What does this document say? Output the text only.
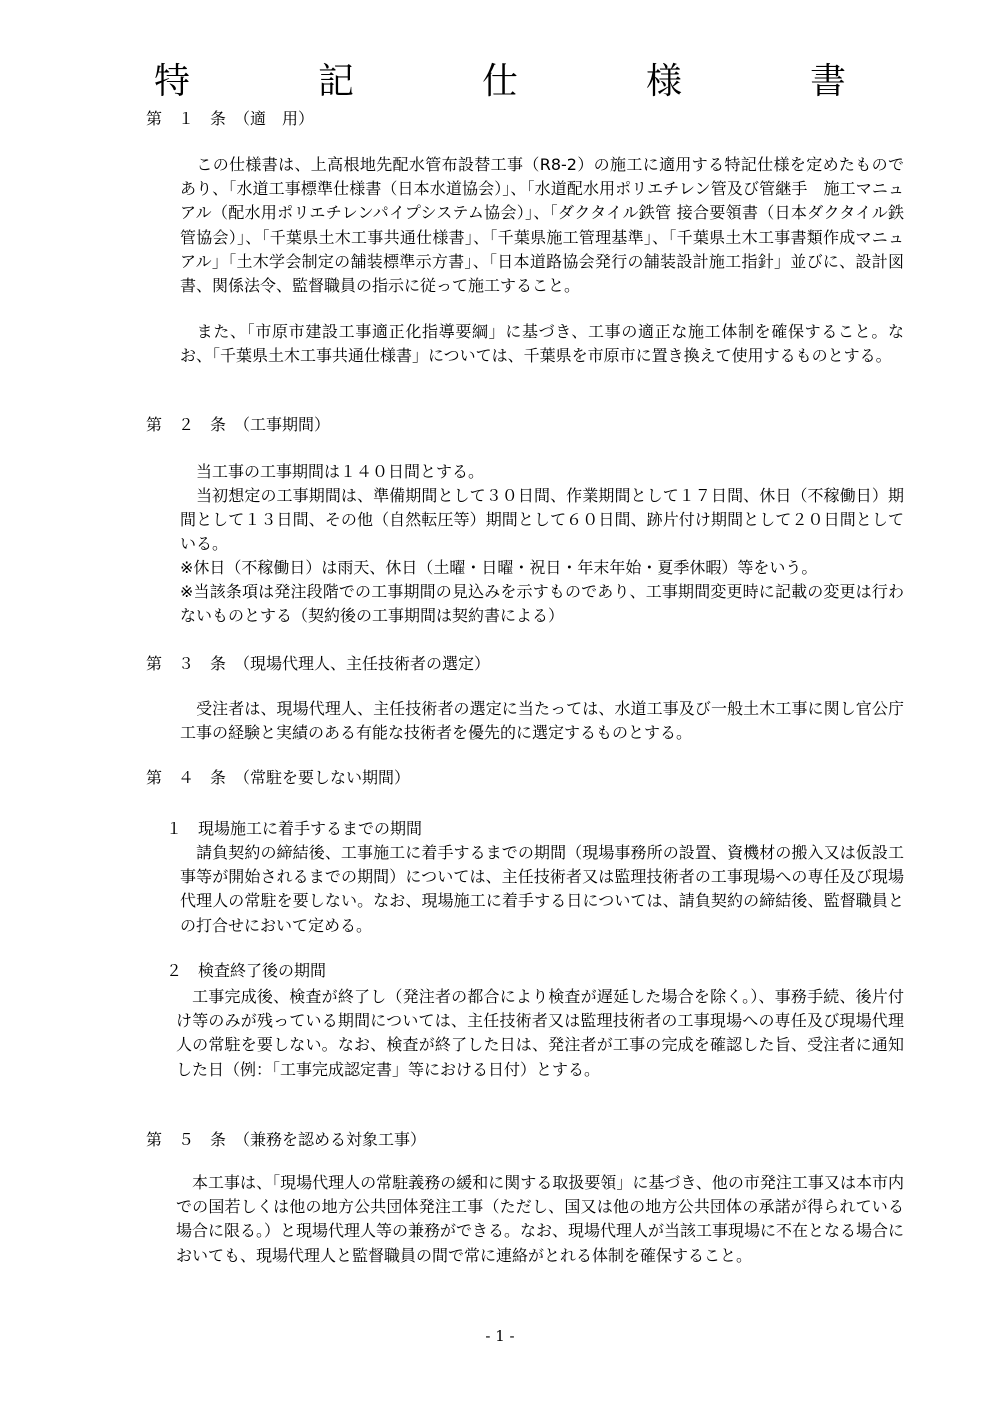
特　記　仕　様　書
第　１　条　（適　用）

　この仕様書は、上高根地先配水管布設替工事（R8-2）の施工に適用する特記仕様を定めたものであり、「水道工事標準仕様書（日本水道協会）」、「水道配水用ポリエチレン管及び管継手　施工マニュアル（配水用ポリエチレンパイプシステム協会）」、「ダクタイル鉄管 接合要領書（日本ダクタイル鉄管協会）」、「千葉県土木工事共通仕様書」、「千葉県施工管理基準」、「千葉県土木工事書類作成マニュアル」「土木学会制定の舗装標準示方書」、「日本道路協会発行の舗装設計施工指針」並びに、設計図書、関係法令、監督職員の指示に従って施工すること。

　また、「市原市建設工事適正化指導要綱」に基づき、工事の適正な施工体制を確保すること。なお、「千葉県土木工事共通仕様書」については、千葉県を市原市に置き換えて使用するものとする。

第　２　条　（工事期間）

　当工事の工事期間は１４０日間とする。

　当初想定の工事期間は、準備期間として３０日間、作業期間として１７日間、休日（不稼働日）期間として１３日間、その他（自然転圧等）期間として６０日間、跡片付け期間として２０日間としている。

※休日（不稼働日）は雨天、休日（土曜・日曜・祝日・年末年始・夏季休暇）等をいう。

※当該条項は発注段階での工事期間の見込みを示すものであり、工事期間変更時に記載の変更は行わないものとする（契約後の工事期間は契約書による）

第　３　条　（現場代理人、主任技術者の選定）

　受注者は、現場代理人、主任技術者の選定に当たっては、水道工事及び一般土木工事に関し官公庁工事の経験と実績のある有能な技術者を優先的に選定するものとする。

第　４　条　（常駐を要しない期間）
１　現場施工に着手するまでの期間

　請負契約の締結後、工事施工に着手するまでの期間（現場事務所の設置、資機材の搬入又は仮設工事等が開始されるまでの期間）については、主任技術者又は監理技術者の工事現場への専任及び現場代理人の常駐を要しない。なお、現場施工に着手する日については、請負契約の締結後、監督職員との打合せにおいて定める。

２　検査終了後の期間

　工事完成後、検査が終了し（発注者の都合により検査が遅延した場合を除く。）、事務手続、後片付け等のみが残っている期間については、主任技術者又は監理技術者の工事現場への専任及び現場代理人の常駐を要しない。なお、検査が終了した日は、発注者が工事の完成を確認した旨、受注者に通知した日（例：「工事完成認定書」等における日付）とする。

第　５　条　（兼務を認める対象工事）

　本工事は、「現場代理人の常駐義務の緩和に関する取扱要領」に基づき、他の市発注工事又は本市内での国若しくは他の地方公共団体発注工事（ただし、国又は他の地方公共団体の承諾が得られている場合に限る。）と現場代理人等の兼務ができる。なお、現場代理人が当該工事現場に不在となる場合においても、現場代理人と監督職員の間で常に連絡がとれる体制を確保すること。

- 1 -
